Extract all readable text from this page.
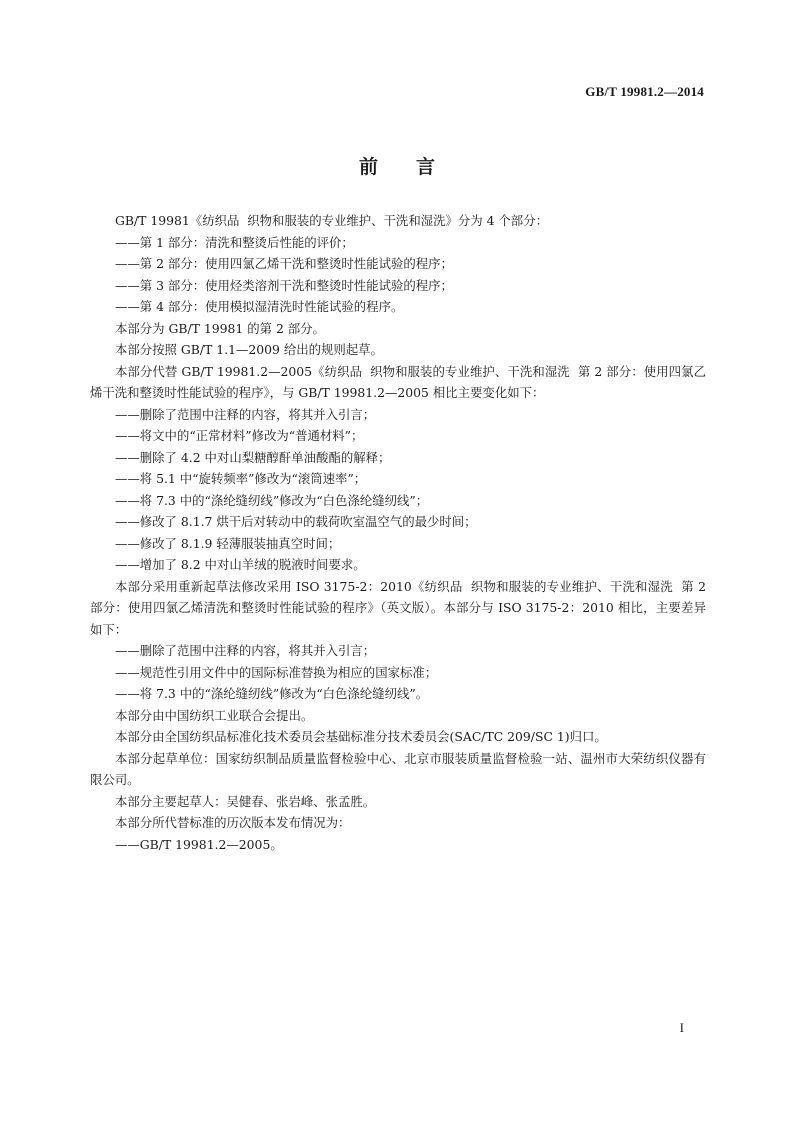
GB/T 19981.2—2014
前言

GB/T 19981《纺织品  织物和服装的专业维护、干洗和湿洗》分为 4 个部分：

——第 1 部分：清洗和整烫后性能的评价；

——第 2 部分：使用四氯乙烯干洗和整烫时性能试验的程序；

——第 3 部分：使用烃类溶剂干洗和整烫时性能试验的程序；

——第 4 部分：使用模拟湿清洗时性能试验的程序。

本部分为 GB/T 19981 的第 2 部分。

本部分按照 GB/T 1.1—2009 给出的规则起草。

本部分代替 GB/T 19981.2—2005《纺织品  织物和服装的专业维护、干洗和湿洗  第 2 部分：使用四氯乙烯干洗和整烫时性能试验的程序》，与 GB/T 19981.2—2005 相比主要变化如下：

——删除了范围中注释的内容，将其并入引言；

——将文中的“正常材料”修改为“普通材料”；

——删除了 4.2 中对山梨糖醇酐单油酸酯的解释；

——将 5.1 中“旋转频率”修改为“滚筒速率”；

——将 7.3 中的“涤纶缝纫线”修改为“白色涤纶缝纫线”；

——修改了 8.1.7 烘干后对转动中的载荷吹室温空气的最少时间；

——修改了 8.1.9 轻薄服装抽真空时间；

——增加了 8.2 中对山羊绒的脱液时间要求。

本部分采用重新起草法修改采用 ISO 3175-2：2010《纺织品  织物和服装的专业维护、干洗和湿洗  第 2 部分：使用四氯乙烯清洗和整烫时性能试验的程序》（英文版）。本部分与 ISO 3175-2：2010 相比，主要差异如下：

——删除了范围中注释的内容，将其并入引言；

——规范性引用文件中的国际标准替换为相应的国家标准；

——将 7.3 中的“涤纶缝纫线”修改为“白色涤纶缝纫线”。

本部分由中国纺织工业联合会提出。

本部分由全国纺织品标准化技术委员会基础标准分技术委员会(SAC/TC 209/SC 1)归口。

本部分起草单位：国家纺织制品质量监督检验中心、北京市服装质量监督检验一站、温州市大荣纺织仪器有限公司。

本部分主要起草人：吴健春、张岩峰、张孟胜。

本部分所代替标准的历次版本发布情况为：

——GB/T 19981.2—2005。

I
